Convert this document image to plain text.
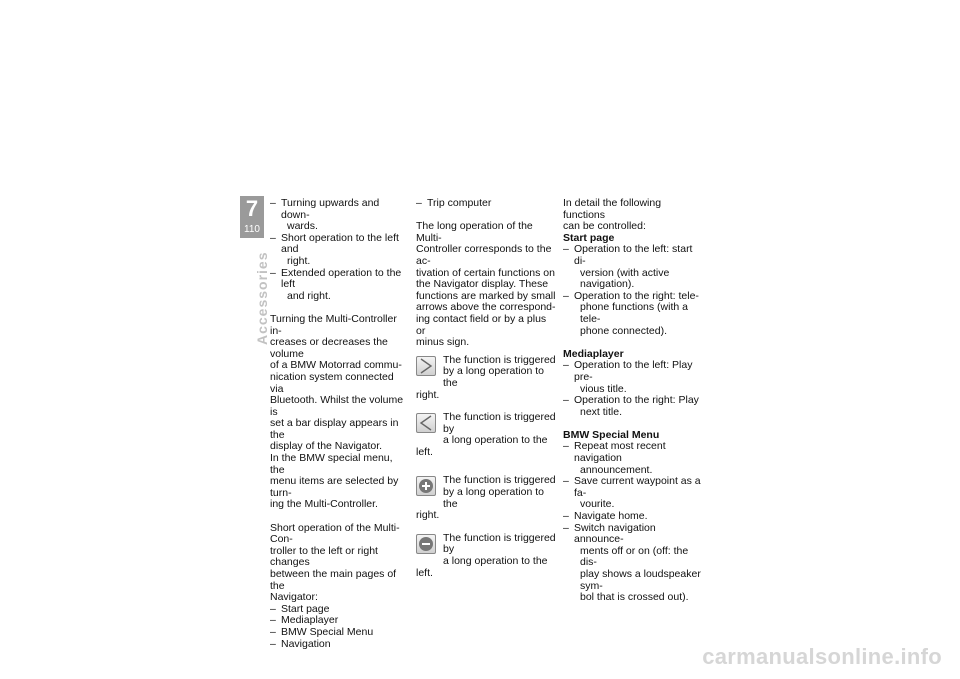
7
110
Accessories
– Turning upwards and down-
wards.
– Short operation to the left and
right.
– Extended operation to the left
and right.

Turning the Multi-Controller in-
creases or decreases the volume
of a BMW Motorrad commu-
nication system connected via
Bluetooth. Whilst the volume is
set a bar display appears in the
display of the Navigator.

In the BMW special menu, the
menu items are selected by turn-
ing the Multi-Controller.

Short operation of the Multi-Con-
troller to the left or right changes
between the main pages of the
Navigator:

– Start page
– Mediaplayer
– BMW Special Menu
– Navigation
– Trip computer

The long operation of the Multi-
Controller corresponds to the ac-
tivation of certain functions on
the Navigator display. These
functions are marked by small
arrows above the correspond-
ing contact field or by a plus or
minus sign.

The function is triggered
by a long operation to the
right.

The function is triggered by
a long operation to the left.

The function is triggered
by a long operation to the
right.

The function is triggered by
a long operation to the left.

In detail the following functions
can be controlled:

Start page
– Operation to the left: start di-
version (with active navigation).
– Operation to the right: tele-
phone functions (with a tele-
phone connected).
Mediaplayer
– Operation to the left: Play pre-
vious title.
– Operation to the right: Play
next title.
BMW Special Menu
– Repeat most recent navigation
announcement.
– Save current waypoint as a fa-
vourite.
– Navigate home.
– Switch navigation announce-
ments off or on (off: the dis-
play shows a loudspeaker sym-
bol that is crossed out).
carmanualsonline.info
